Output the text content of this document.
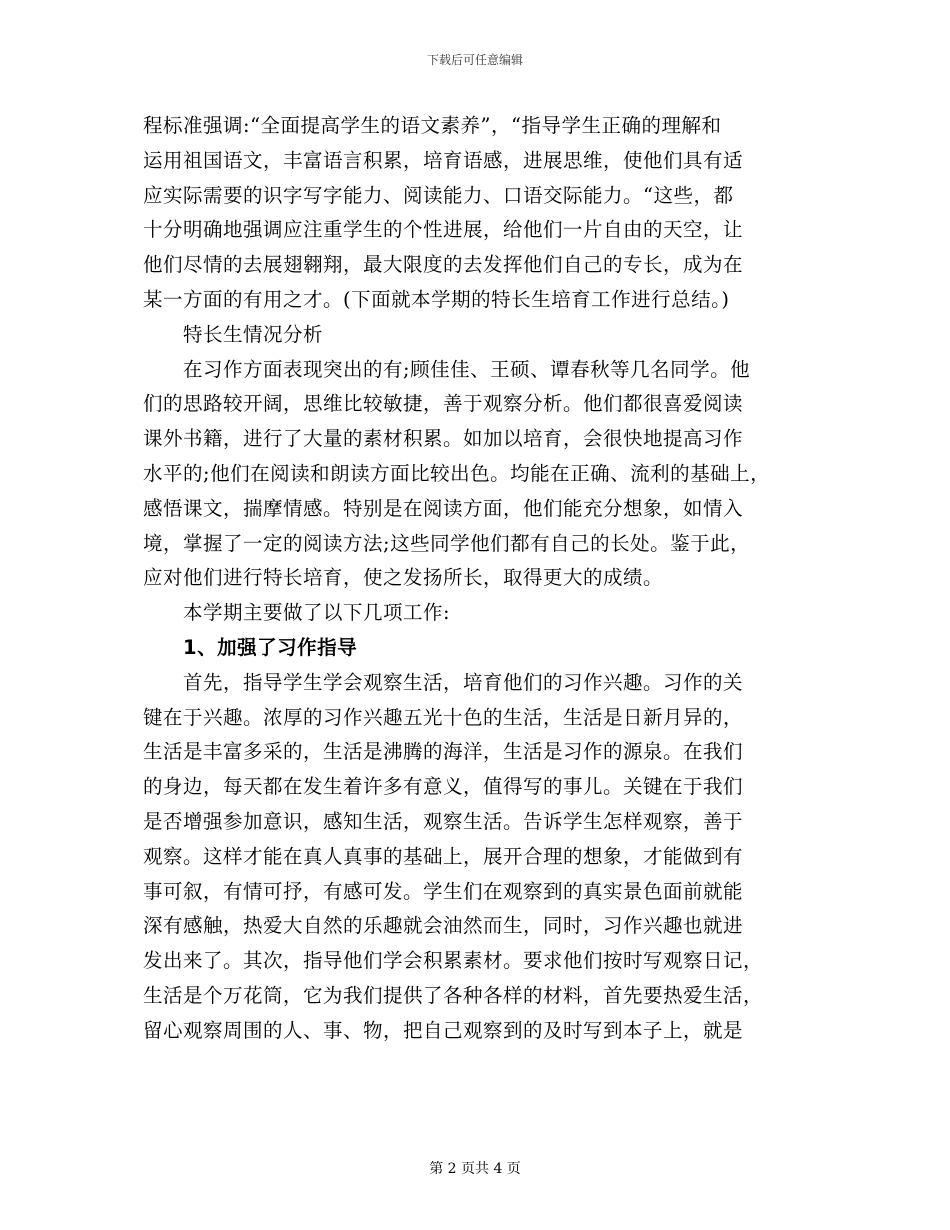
下载后可任意编辑
程标准强调:“全面提高学生的语文素养”，“指导学生正确的理解和
运用祖国语文，丰富语言积累，培育语感，进展思维，使他们具有适
应实际需要的识字写字能力、阅读能力、口语交际能力。“这些，都
十分明确地强调应注重学生的个性进展，给他们一片自由的天空，让
他们尽情的去展翅翱翔，最大限度的去发挥他们自己的专长，成为在
某一方面的有用之才。(下面就本学期的特长生培育工作进行总结。)
特长生情况分析
在习作方面表现突出的有;顾佳佳、王硕、谭春秋等几名同学。他
们的思路较开阔，思维比较敏捷，善于观察分析。他们都很喜爱阅读
课外书籍，进行了大量的素材积累。如加以培育，会很快地提高习作
水平的;他们在阅读和朗读方面比较出色。均能在正确、流利的基础上，
感悟课文，揣摩情感。特别是在阅读方面，他们能充分想象，如情入
境，掌握了一定的阅读方法;这些同学他们都有自己的长处。鉴于此，
应对他们进行特长培育，使之发扬所长，取得更大的成绩。
本学期主要做了以下几项工作:
1、加强了习作指导
首先，指导学生学会观察生活，培育他们的习作兴趣。习作的关
键在于兴趣。浓厚的习作兴趣五光十色的生活，生活是日新月异的，
生活是丰富多采的，生活是沸腾的海洋，生活是习作的源泉。在我们
的身边，每天都在发生着许多有意义，值得写的事儿。关键在于我们
是否增强参加意识，感知生活，观察生活。告诉学生怎样观察，善于
观察。这样才能在真人真事的基础上，展开合理的想象，才能做到有
事可叙，有情可抒，有感可发。学生们在观察到的真实景色面前就能
深有感触，热爱大自然的乐趣就会油然而生，同时，习作兴趣也就进
发出来了。其次，指导他们学会积累素材。要求他们按时写观察日记，
生活是个万花筒，它为我们提供了各种各样的材料，首先要热爱生活，
留心观察周围的人、事、物，把自己观察到的及时写到本子上，就是
第 2 页共 4 页
